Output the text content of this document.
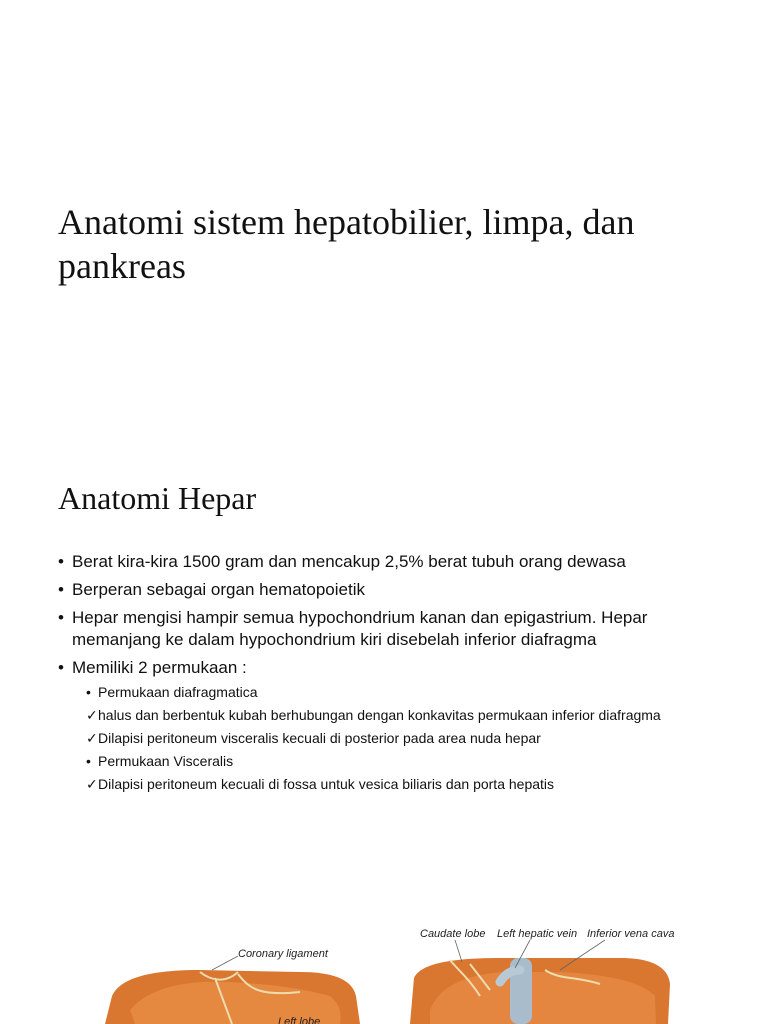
Anatomi sistem hepatobilier, limpa, dan pankreas
Anatomi Hepar
• Berat kira-kira 1500 gram dan mencakup 2,5% berat tubuh orang dewasa
• Berperan sebagai organ hematopoietik
• Hepar mengisi hampir semua hypochondrium kanan dan epigastrium. Hepar memanjang ke dalam hypochondrium kiri disebelah inferior diafragma
• Memiliki 2 permukaan :
• Permukaan diafragmatica
✓ halus dan berbentuk kubah berhubungan dengan konkavitas permukaan inferior diafragma
✓ Dilapisi peritoneum visceralis kecuali di posterior pada area nuda hepar
• Permukaan Visceralis
✓ Dilapisi peritoneum kecuali di fossa untuk vesica biliaris dan porta hepatis
Coronary ligament
Left lobe
Caudate lobe Left hepatic vein Inferior vena cava
